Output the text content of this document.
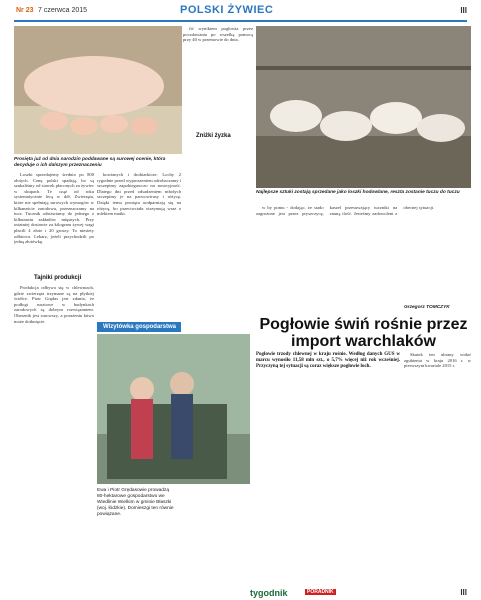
Nr 23 7 czerwca 2015	POLSKI ŻYWIEC	III
Prosięta już od dnia narodzin poddawane są surowej ocenie, która decyduje o ich dalszym przeznaczeniu
Najlepsze sztuki zostają sprzedane jako loszki hodowlane, reszta zostanie tuczu do tuczu

Loszki sprzedajemy średnio po 800 złotych. Cenę polski spadają, bo są szukaliśmy od stawek płaconych za żywiec w skupach. Te cząż od roku systematycznie lecą w dół. Zwierzęta, które nie spełniają surowych wymogów w kilkanaście zarodowu, przeznaczamy na tucz. Tucznik odstawiamy do jednego z kilkunastu zakładów mięsnych. Przy ostatniej dostawie za kilogram żywej wagi płacili 4 złote i 20 groszy. To niestety odbiorca. Lekarz, jeżeli przychodzili po jedną złotówkę.

Tajniki produkcji

Produkcja odbywa się w chlewniach, gdzie zwierzęta trzymane są na płytkiej ściółce. Piotr Grędas jest zdania, że podłogi rusztowe w budynkach zarodowych są dobrym rozwiązaniem. Oberznik jest surowszy, a porażeniu łatwo może dotknięcie.

kowianych i drobiarkicze. Lochy 2 rygodnie przed wyproszeniem odrobaczamy i szczepimy zapobiegawczo na nosoryjność. Dlatego dni przed odsadzeniem młodych szczepimy je na parwowirusy i różycę. Dzięki temu prosięta uodparniają się na różycę, bo przeciwciała otrzymują wraz z mlekiem matki.

fić wynikiem pogłowia przez poczdawania po wszelką pomocą przy 40 w przemowie do dnia.

Zniżki żyzka
Wizytówka gospodarstwa
Ewa i Piotr Grędasowie prowadzą 80-hektarowe gospodarstwo we Wiedlinie Wielkim w gminie Błaszki (woj. łódzkie). Domieszgi ten równie powiązane.

w by pomu - dodając, że stado zagrożone jest przez pryszczycę, kaszel przesuwający tuczniki na znaną ilość. Jesteśmy zadowoleni z obecnej sytuacji.

Grzegorz TOMCZYK
Pogłowie świń rośnie przez import warchlaków
Pogłowie trzody chlewnej w kraju rośnie. Według danych GUS w marcu wynosiło 11,58 mln szt., o 5,7% więcej niż rok wcześniej. Przyczyną tej sytuacji są coraz większe pogłowie loch.

Skutek ten ubrany widać zgubienia w kraju 2016 r. w pierwszym kwartale 2015 r.

tygodnik	PORADNIK	III
